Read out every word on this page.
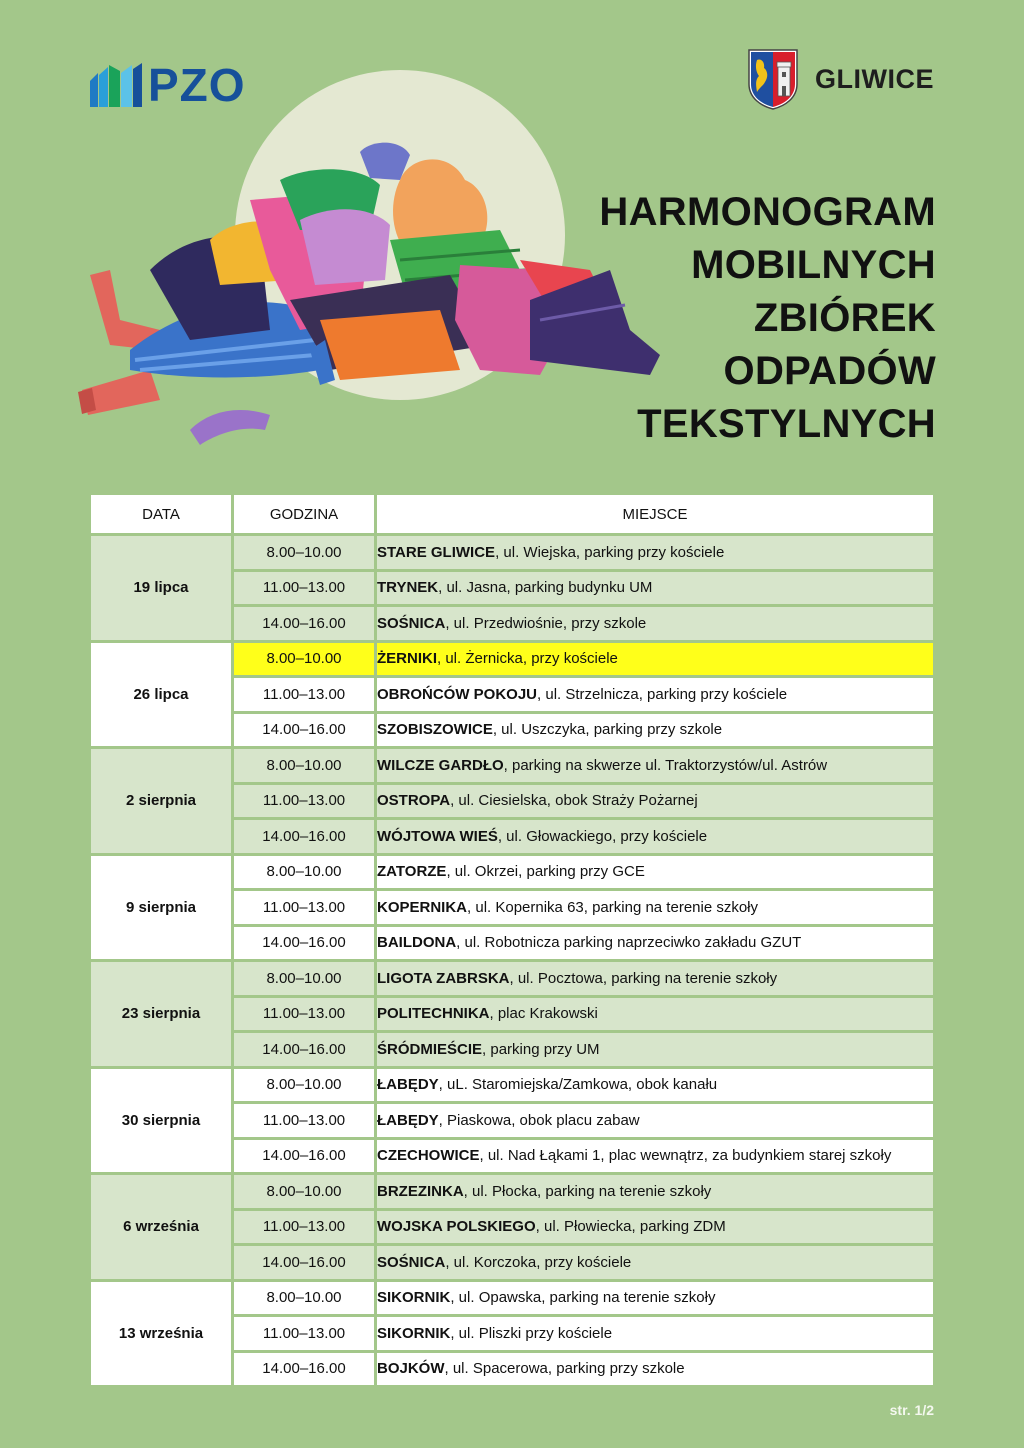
PZO	GLIWICE
HARMONOGRAM
MOBILNYCH
ZBIÓREK
ODPADÓW
TEKSTYLNYCH
DATA	GODZINA	MIEJSCE
19 lipca	8.00–10.00	STARE GLIWICE, ul. Wiejska, parking przy kościele
	11.00–13.00	TRYNEK, ul. Jasna, parking budynku UM
	14.00–16.00	SOŚNICA, ul. Przedwiośnie, przy szkole
26 lipca	8.00–10.00	ŻERNIKI, ul. Żernicka, przy kościele
	11.00–13.00	OBROŃCÓW POKOJU, ul. Strzelnicza, parking przy kościele
	14.00–16.00	SZOBISZOWICE, ul. Uszczyka, parking przy szkole
2 sierpnia	8.00–10.00	WILCZE GARDŁO, parking na skwerze ul. Traktorzystów/ul. Astrów
	11.00–13.00	OSTROPA, ul. Ciesielska, obok Straży Pożarnej
	14.00–16.00	WÓJTOWA WIEŚ, ul. Głowackiego, przy kościele
9 sierpnia	8.00–10.00	ZATORZE, ul. Okrzei, parking przy GCE
	11.00–13.00	KOPERNIKA, ul. Kopernika 63, parking na terenie szkoły
	14.00–16.00	BAILDONA, ul. Robotnicza parking naprzeciwko zakładu GZUT
23 sierpnia	8.00–10.00	LIGOTA ZABRSKA, ul. Pocztowa, parking na terenie szkoły
	11.00–13.00	POLITECHNIKA, plac Krakowski
	14.00–16.00	ŚRÓDMIEŚCIE, parking przy UM
30 sierpnia	8.00–10.00	ŁABĘDY, uL. Staromiejska/Zamkowa, obok kanału
	11.00–13.00	ŁABĘDY, Piaskowa, obok placu zabaw
	14.00–16.00	CZECHOWICE, ul. Nad Łąkami 1, plac wewnątrz, za budynkiem starej szkoły
6 września	8.00–10.00	BRZEZINKA, ul. Płocka, parking na terenie szkoły
	11.00–13.00	WOJSKA POLSKIEGO, ul. Płowiecka, parking ZDM
	14.00–16.00	SOŚNICA, ul. Korczoka, przy kościele
13 września	8.00–10.00	SIKORNIK, ul. Opawska, parking na terenie szkoły
	11.00–13.00	SIKORNIK, ul. Pliszki przy kościele
	14.00–16.00	BOJKÓW, ul. Spacerowa, parking przy szkole
str. 1/2
